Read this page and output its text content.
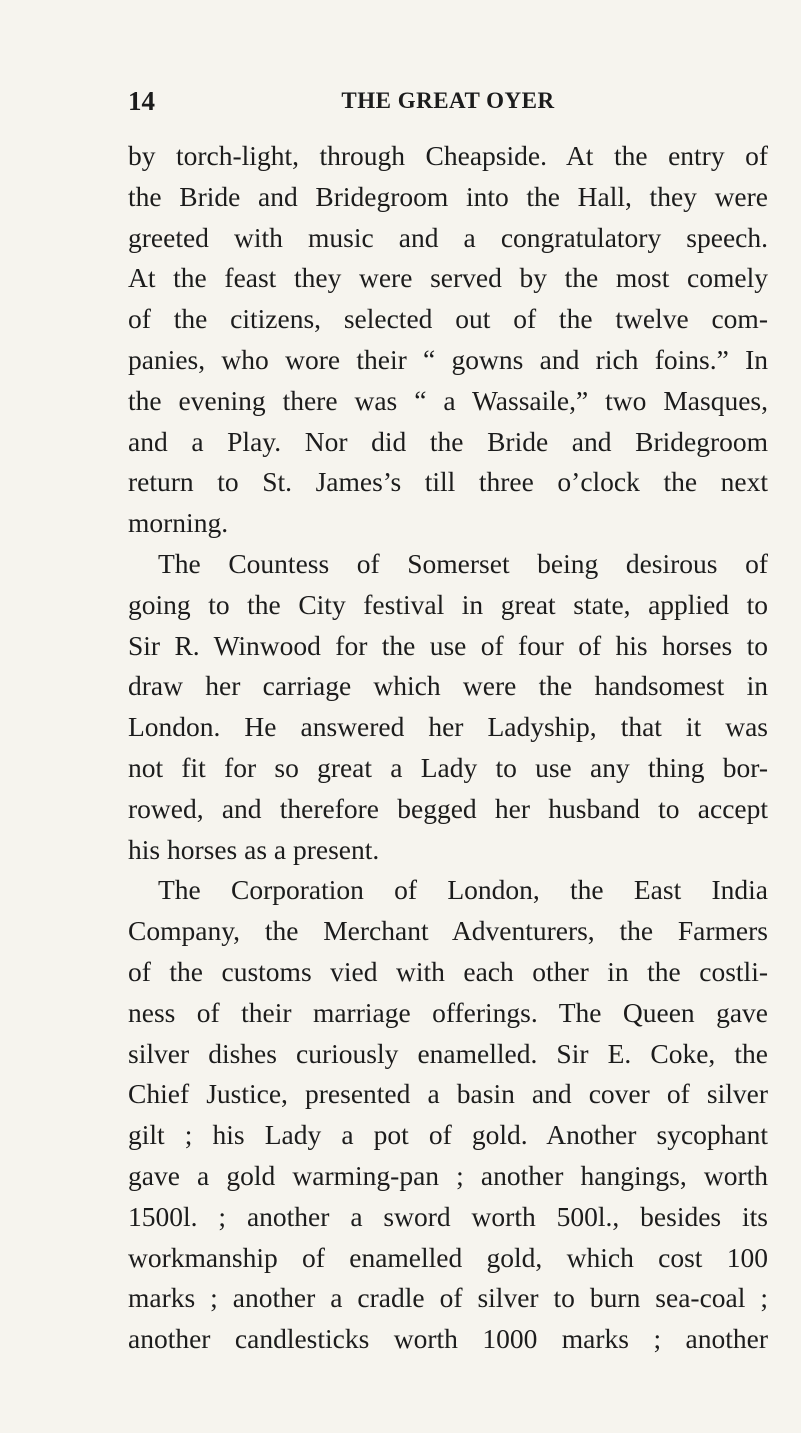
14	THE GREAT OYER
by torch-light, through Cheapside. At the entry of
the Bride and Bridegroom into the Hall, they were
greeted with music and a congratulatory speech.
At the feast they were served by the most comely
of the citizens, selected out of the twelve com-
panies, who wore their “ gowns and rich foins.” In
the evening there was “ a Wassaile,” two Masques,
and a Play. Nor did the Bride and Bridegroom
return to St. James’s till three o’clock the next
morning.
The Countess of Somerset being desirous of
going to the City festival in great state, applied to
Sir R. Winwood for the use of four of his horses to
draw her carriage which were the handsomest in
London. He answered her Ladyship, that it was
not fit for so great a Lady to use any thing bor-
rowed, and therefore begged her husband to accept
his horses as a present.
The Corporation of London, the East India
Company, the Merchant Adventurers, the Farmers
of the customs vied with each other in the costli-
ness of their marriage offerings. The Queen gave
silver dishes curiously enamelled. Sir E. Coke, the
Chief Justice, presented a basin and cover of silver
gilt ; his Lady a pot of gold. Another sycophant
gave a gold warming-pan ; another hangings, worth
1500l. ; another a sword worth 500l., besides its
workmanship of enamelled gold, which cost 100
marks ; another a cradle of silver to burn sea-coal ;
another candlesticks worth 1000 marks ; another
